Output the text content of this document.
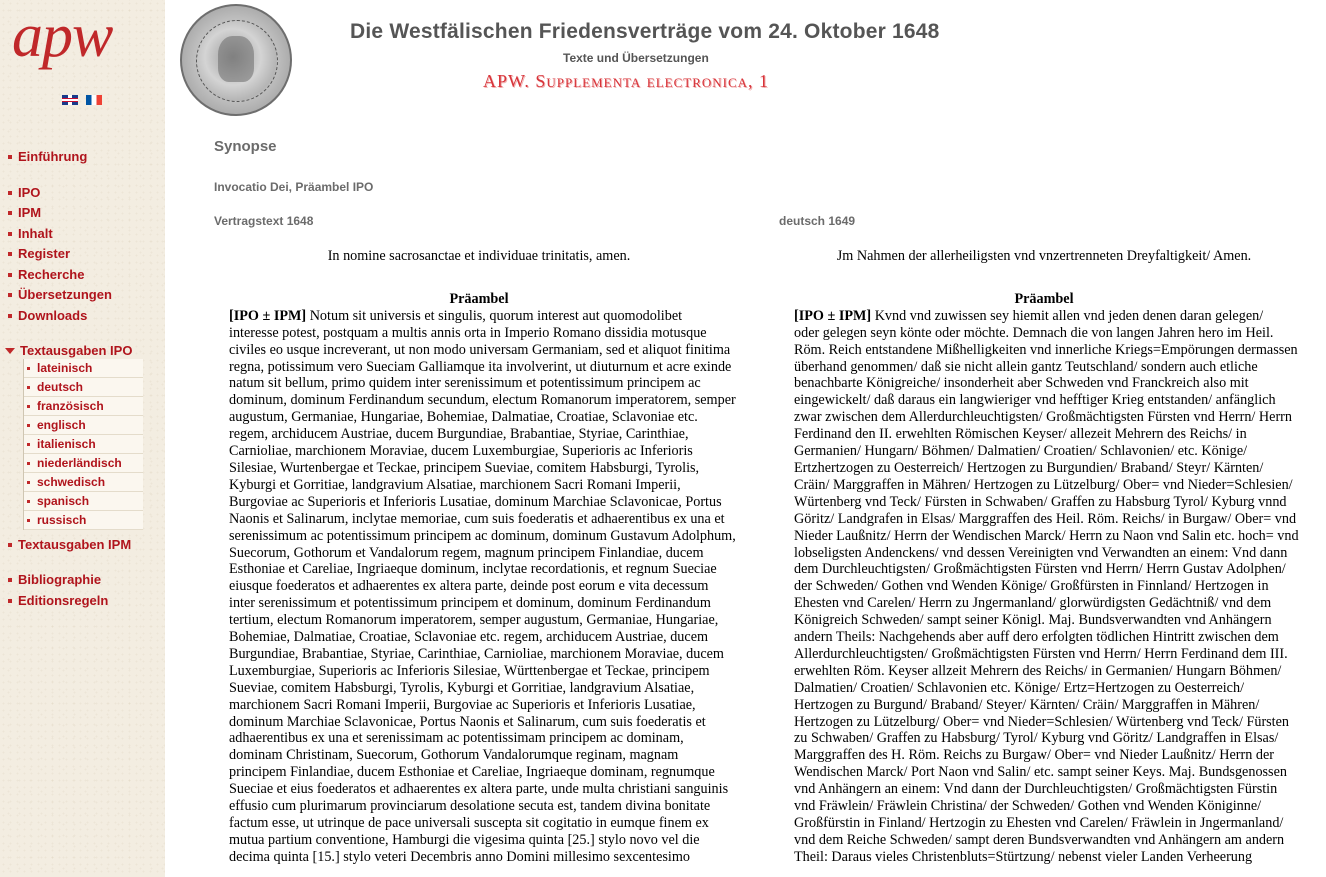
apw
Einführung
IPO
IPM
Inhalt
Register
Recherche
Übersetzungen
Downloads
Textausgaben IPO
lateinisch
deutsch
französisch
englisch
italienisch
niederländisch
schwedisch
spanisch
russisch
Textausgaben IPM
Bibliographie
Editionsregeln
Die Westfälischen Friedensverträge vom 24. Oktober 1648
Texte und Übersetzungen
APW. Supplementa electronica, 1
Synopse
Invocatio Dei, Präambel IPO
Vertragstext 1648	deutsch 1649
In nomine sacrosanctae et individuae trinitatis, amen.
Präambel
[IPO ± IPM] Notum sit universis et singulis, quorum interest aut quomodolibet
interesse potest, postquam a multis annis orta in Imperio Romano dissidia motusque
civiles eo usque increverant, ut non modo universam Germaniam, sed et aliquot finitima
regna, potissimum vero Sueciam Galliamque ita involverint, ut diuturnum et acre exinde
natum sit bellum, primo quidem inter serenissimum et potentissimum principem ac
dominum, dominum Ferdinandum secundum, electum Romanorum imperatorem, semper
augustum, Germaniae, Hungariae, Bohemiae, Dalmatiae, Croatiae, Sclavoniae etc.
regem, archiducem Austriae, ducem Burgundiae, Brabantiae, Styriae, Carinthiae,
Carnioliae, marchionem Moraviae, ducem Luxemburgiae, Superioris ac Inferioris
Silesiae, Wurtenbergae et Teckae, principem Sueviae, comitem Habsburgi, Tyrolis,
Kyburgi et Gorritiae, landgravium Alsatiae, marchionem Sacri Romani Imperii,
Burgoviae ac Superioris et Inferioris Lusatiae, dominum Marchiae Sclavonicae, Portus
Naonis et Salinarum, inclytae memoriae, cum suis foederatis et adhaerentibus ex una et
serenissimum ac potentissimum principem ac dominum, dominum Gustavum Adolphum,
Suecorum, Gothorum et Vandalorum regem, magnum principem Finlandiae, ducem
Esthoniae et Careliae, Ingriaeque dominum, inclytae recordationis, et regnum Sueciae
eiusque foederatos et adhaerentes ex altera parte, deinde post eorum e vita decessum
inter serenissimum et potentissimum principem et dominum, dominum Ferdinandum
tertium, electum Romanorum imperatorem, semper augustum, Germaniae, Hungariae,
Bohemiae, Dalmatiae, Croatiae, Sclavoniae etc. regem, archiducem Austriae, ducem
Burgundiae, Brabantiae, Styriae, Carinthiae, Carnioliae, marchionem Moraviae, ducem
Luxemburgiae, Superioris ac Inferioris Silesiae, Württenbergae et Teckae, principem
Sueviae, comitem Habsburgi, Tyrolis, Kyburgi et Gorritiae, landgravium Alsatiae,
marchionem Sacri Romani Imperii, Burgoviae ac Superioris et Inferioris Lusatiae,
dominum Marchiae Sclavonicae, Portus Naonis et Salinarum, cum suis foederatis et
adhaerentibus ex una et serenissimam ac potentissimam principem ac dominam,
dominam Christinam, Suecorum, Gothorum Vandalorumque reginam, magnam
principem Finlandiae, ducem Esthoniae et Careliae, Ingriaeque dominam, regnumque
Sueciae et eius foederatos et adhaerentes ex altera parte, unde multa christiani sanguinis
effusio cum plurimarum provinciarum desolatione secuta est, tandem divina bonitate
factum esse, ut utrinque de pace universali suscepta sit cogitatio in eumque finem ex
mutua partium conventione, Hamburgi die vigesima quinta [25.] stylo novo vel die
decima quinta [15.] stylo veteri Decembris anno Domini millesimo sexcentesimo
Jm Nahmen der allerheiligsten vnd vnzertrenneten Dreyfaltigkeit/ Amen.
Präambel
[IPO ± IPM] Kvnd vnd zuwissen sey hiemit allen vnd jeden denen daran gelegen/
oder gelegen seyn könte oder möchte. Demnach die von langen Jahren hero im Heil.
Röm. Reich entstandene Mißhelligkeiten vnd innerliche Kriegs=Empörungen dermassen
überhand genommen/ daß sie nicht allein gantz Teutschland/ sondern auch etliche
benachbarte Königreiche/ insonderheit aber Schweden vnd Franckreich also mit
eingewickelt/ daß daraus ein langwieriger vnd hefftiger Krieg entstanden/ anfänglich
zwar zwischen dem Allerdurchleuchtigsten/ Großmächtigsten Fürsten vnd Herrn/ Herrn
Ferdinand den II. erwehlten Römischen Keyser/ allezeit Mehrern des Reichs/ in
Germanien/ Hungarn/ Böhmen/ Dalmatien/ Croatien/ Schlavonien/ etc. Könige/
Ertzhertzogen zu Oesterreich/ Hertzogen zu Burgundien/ Braband/ Steyr/ Kärnten/
Cräin/ Marggraffen in Mähren/ Hertzogen zu Lützelburg/ Ober= vnd Nieder=Schlesien/
Würtenberg vnd Teck/ Fürsten in Schwaben/ Graffen zu Habsburg Tyrol/ Kyburg vnnd
Göritz/ Landgrafen in Elsas/ Marggraffen des Heil. Röm. Reichs/ in Burgaw/ Ober= vnd
Nieder Laußnitz/ Herrn der Wendischen Marck/ Herrn zu Naon vnd Salin etc. hoch= vnd
lobseligsten Andenckens/ vnd dessen Vereinigten vnd Verwandten an einem: Vnd dann
dem Durchleuchtigsten/ Großmächtigsten Fürsten vnd Herrn/ Herrn Gustav Adolphen/
der Schweden/ Gothen vnd Wenden Könige/ Großfürsten in Finnland/ Hertzogen in
Ehesten vnd Carelen/ Herrn zu Jngermanland/ glorwürdigsten Gedächtniß/ vnd dem
Königreich Schweden/ sampt seiner Königl. Maj. Bundsverwandten vnd Anhängern
andern Theils: Nachgehends aber auff dero erfolgten tödlichen Hintritt zwischen dem
Allerdurchleuchtigsten/ Großmächtigsten Fürsten vnd Herrn/ Herrn Ferdinand dem III.
erwehlten Röm. Keyser allzeit Mehrern des Reichs/ in Germanien/ Hungarn Böhmen/
Dalmatien/ Croatien/ Schlavonien etc. Könige/ Ertz=Hertzogen zu Oesterreich/
Hertzogen zu Burgund/ Braband/ Steyer/ Kärnten/ Cräin/ Marggraffen in Mähren/
Hertzogen zu Lützelburg/ Ober= vnd Nieder=Schlesien/ Würtenberg vnd Teck/ Fürsten
zu Schwaben/ Graffen zu Habsburg/ Tyrol/ Kyburg vnd Göritz/ Landgraffen in Elsas/
Marggraffen des H. Röm. Reichs zu Burgaw/ Ober= vnd Nieder Laußnitz/ Herrn der
Wendischen Marck/ Port Naon vnd Salin/ etc. sampt seiner Keys. Maj. Bundsgenossen
vnd Anhängern an einem: Vnd dann der Durchleuchtigsten/ Großmächtigsten Fürstin
vnd Fräwlein/ Fräwlein Christina/ der Schweden/ Gothen vnd Wenden Königinne/
Großfürstin in Finland/ Hertzogin zu Ehesten vnd Carelen/ Fräwlein in Jngermanland/
vnd dem Reiche Schweden/ sampt deren Bundsverwandten vnd Anhängern am andern
Theil: Daraus vieles Christenbluts=Stürtzung/ nebenst vieler Landen Verheerung
